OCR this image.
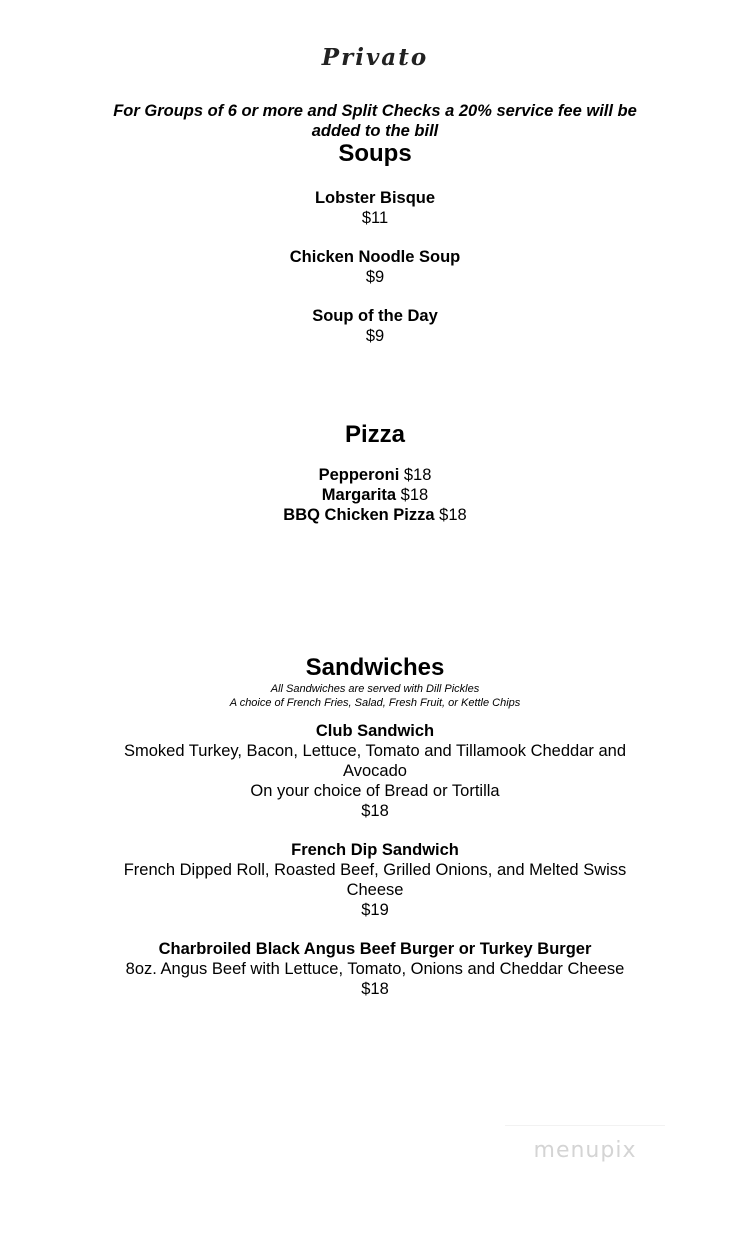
Privato
For Groups of 6 or more and Split Checks a 20% service fee will be added to the bill
Soups
Lobster Bisque
$11
Chicken Noodle Soup
$9
Soup of the Day
$9
Pizza
Pepperoni $18
Margarita $18
BBQ Chicken Pizza $18
Sandwiches
All Sandwiches are served with Dill Pickles
A choice of French Fries, Salad, Fresh Fruit, or Kettle Chips
Club Sandwich
Smoked Turkey, Bacon, Lettuce, Tomato and Tillamook Cheddar and Avocado
On your choice of Bread or Tortilla
$18
French Dip Sandwich
French Dipped Roll, Roasted Beef, Grilled Onions, and Melted Swiss Cheese
$19
Charbroiled Black Angus Beef Burger or Turkey Burger
8oz. Angus Beef with Lettuce, Tomato, Onions and Cheddar Cheese
$18
menupix
